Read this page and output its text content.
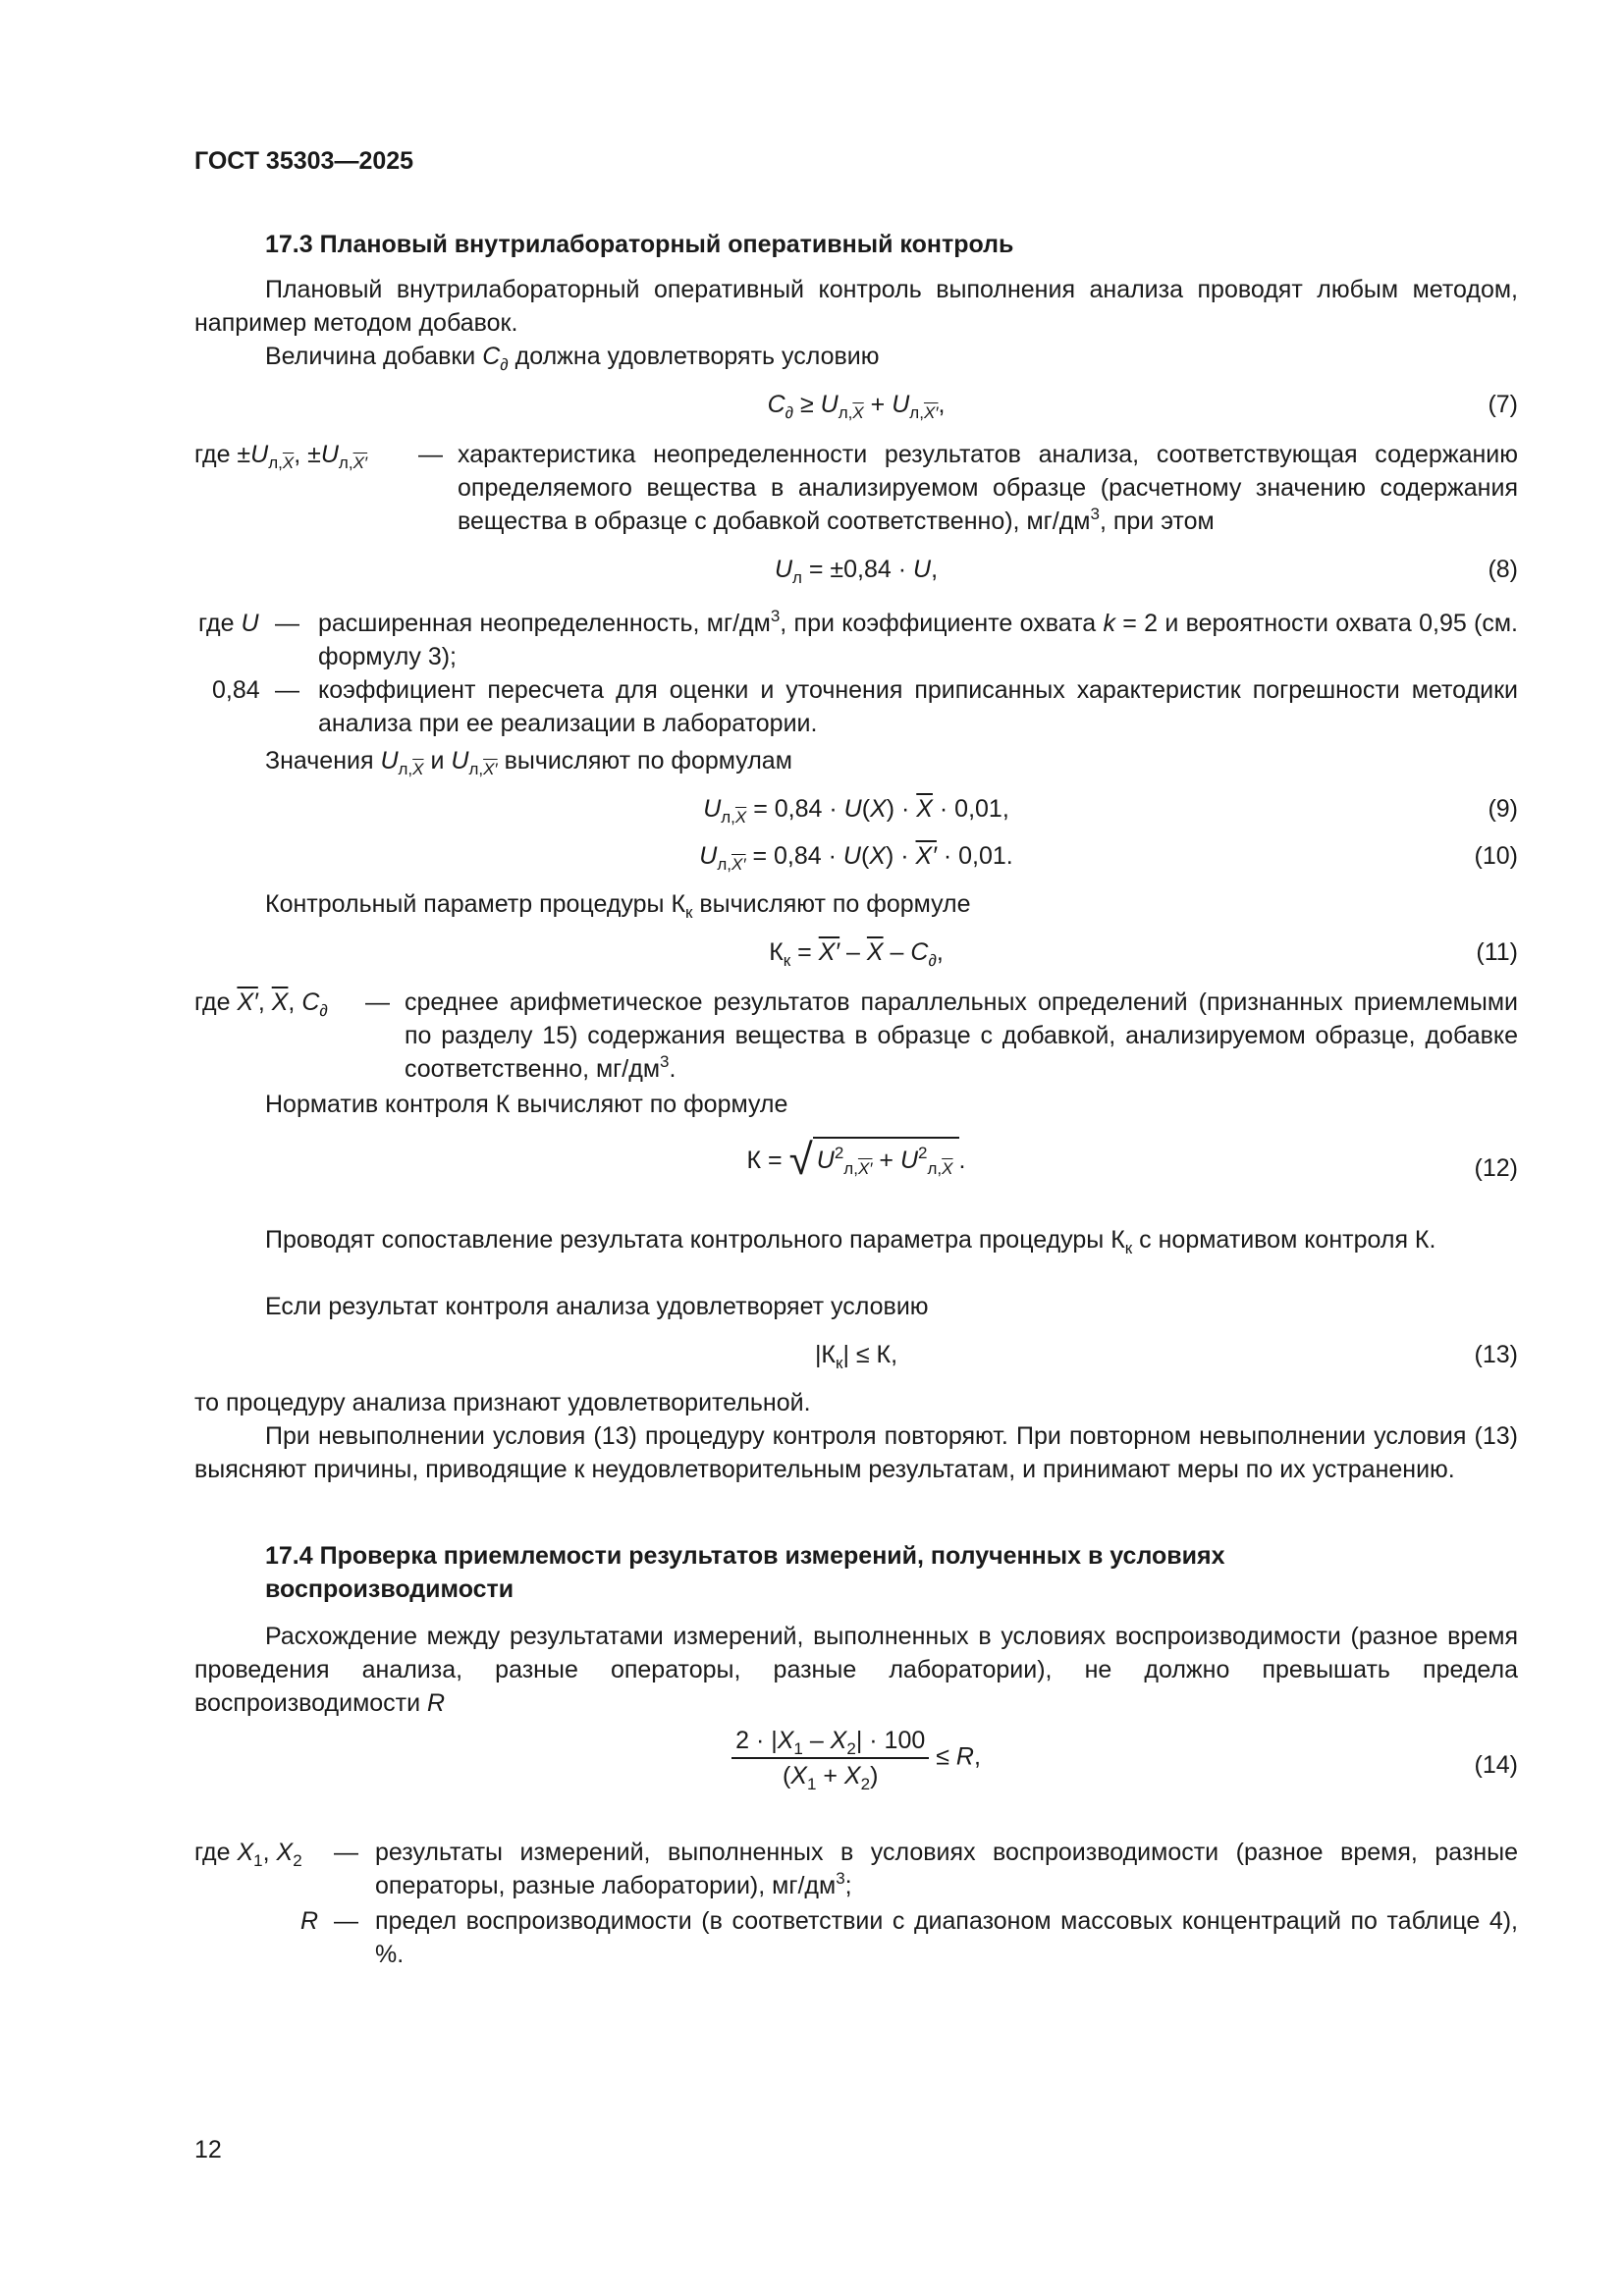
ГОСТ 35303—2025
17.3 Плановый внутрилабораторный оперативный контроль
Плановый внутрилабораторный оперативный контроль выполнения анализа проводят любым методом, например методом добавок.
Величина добавки $C_\partial$ должна удовлетворять условию
$C_\partial \ge U_{л,\overline{X}} + U_{л,X'}$,	(7)
где $\pm U_{л,\overline{X}}$, $\pm U_{л,X'}$ — характеристика неопределенности результатов анализа, соответствующая содержанию определяемого вещества в анализируемом образце (расчетному значению содержания вещества в образце с добавкой соответственно), $мг/дм^3$, при этом
$U_л = \pm 0,84 \cdot U$,	(8)
где U — расширенная неопределенность, $мг/дм^3$, при коэффициенте охвата k = 2 и вероятности охвата 0,95 (см. формулу 3);
0,84 — коэффициент пересчета для оценки и уточнения приписанных характеристик погрешности методики анализа при ее реализации в лаборатории.
Значения $U_{л,\overline{X}}$ и $U_{л,X'}$ вычисляют по формулам
$U_{л,\overline{X}} = 0,84 \cdot U(X) \cdot \overline{X} \cdot 0,01$,	(9)
$U_{л,X'} = 0,84 \cdot U(X) \cdot X' \cdot 0,01$.	(10)
Контрольный параметр процедуры $К_к$ вычисляют по формуле
$К_к = X' - \overline{X} - C_\partial$,	(11)
где X′, $\overline{X}$, $C_\partial$ — среднее арифметическое результатов параллельных определений (признанных приемлемыми по разделу 15) содержания вещества в образце с добавкой, анализируемом образце, добавке соответственно, $мг/дм^3$.
Норматив контроля К вычисляют по формуле
К = √ $U^2_{л,X'} + U^2_{л,\overline{X}}$ .	(12)
Проводят сопоставление результата контрольного параметра процедуры $К_к$ с нормативом контроля К.
Если результат контроля анализа удовлетворяет условию
$|К_к| \le К$,	(13)
то процедуру анализа признают удовлетворительной.
При невыполнении условия (13) процедуру контроля повторяют. При повторном невыполнении условия (13) выясняют причины, приводящие к неудовлетворительным результатам, и принимают меры по их устранению.
17.4 Проверка приемлемости результатов измерений, полученных в условиях воспроизводимости
Расхождение между результатами измерений, выполненных в условиях воспроизводимости (разное время проведения анализа, разные операторы, разные лаборатории), не должно превышать предела воспроизводимости R
$\frac{2 \cdot |X_1 - X_2| \cdot 100}{(X_1 + X_2)} \le R$,	(14)
где $X_1$, $X_2$ — результаты измерений, выполненных в условиях воспроизводимости (разное время, разные операторы, разные лаборатории), $мг/дм^3$;
R — предел воспроизводимости (в соответствии с диапазоном массовых концентраций по таблице 4), %.
12
